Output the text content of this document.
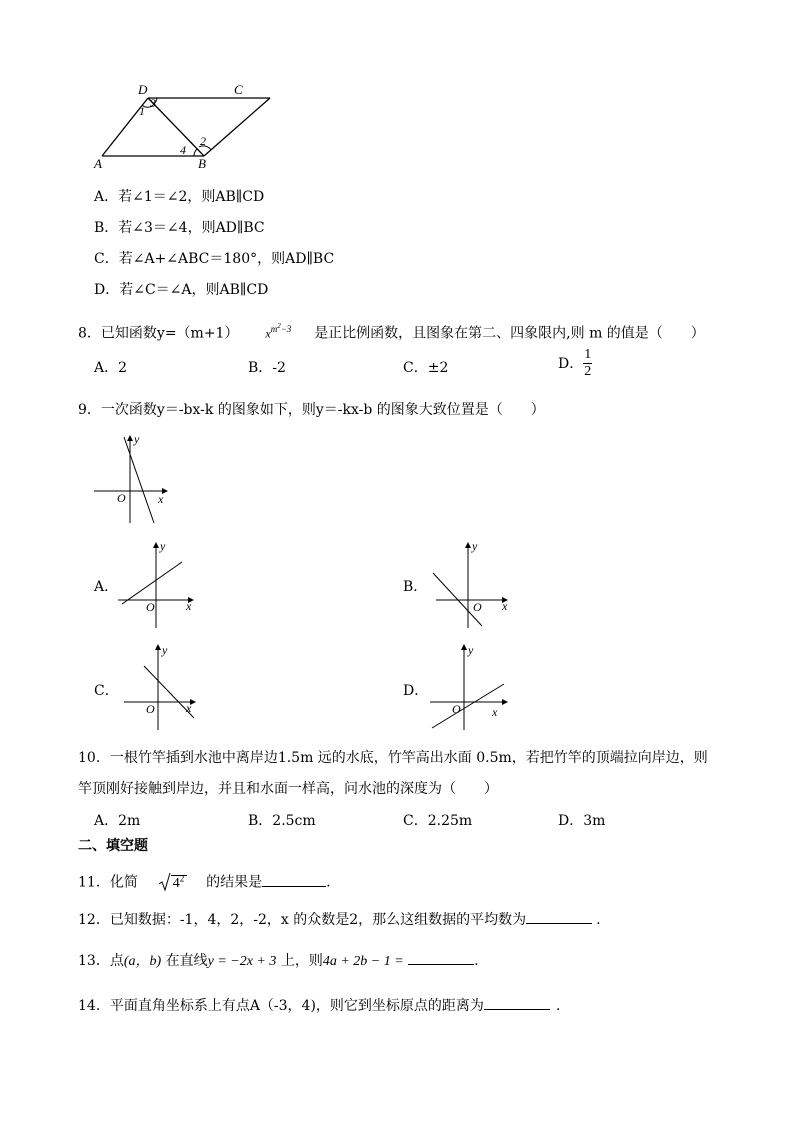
D	C
A	B
1
3
2
4
A．若∠1＝∠2，则AB∥CD
B．若∠3＝∠4，则AD∥BC
C．若∠A+∠ABC＝180°，则AD∥BC
D．若∠C＝∠A，则AB∥CD
8．已知函数y=（m+1） $x^{m^2-3}$ 是正比例函数，且图象在第二、四象限内,则 m 的值是（　　）
A．2	B．-2	C．±2	D． $\frac{1}{2}$
9．一次函数y＝-bx-k 的图象如下，则y＝-kx-b 的图象大致位置是（　　）
y
x
O
A．
y
x
O
B．
y
x
O
C．
y
x
O
D．
y
x
O
10．一根竹竿插到水池中离岸边1.5m 远的水底，竹竿高出水面 0.5m，若把竹竿的顶端拉向岸边，则
竿顶刚好接触到岸边，并且和水面一样高，问水池的深度为（　　）
A．2m	B．2.5cm	C．2.25m	D．3m
二、填空题
11．化简 $4^2$ 的结果是	.
12．已知数据：-1，4，2，-2，x 的众数是2，那么这组数据的平均数为	.
13．点(a，b) 在直线y = −2x + 3 上，则4a + 2b − 1 =	.
14．平面直角坐标系上有点A（-3，4)，则它到坐标原点的距离为	.
